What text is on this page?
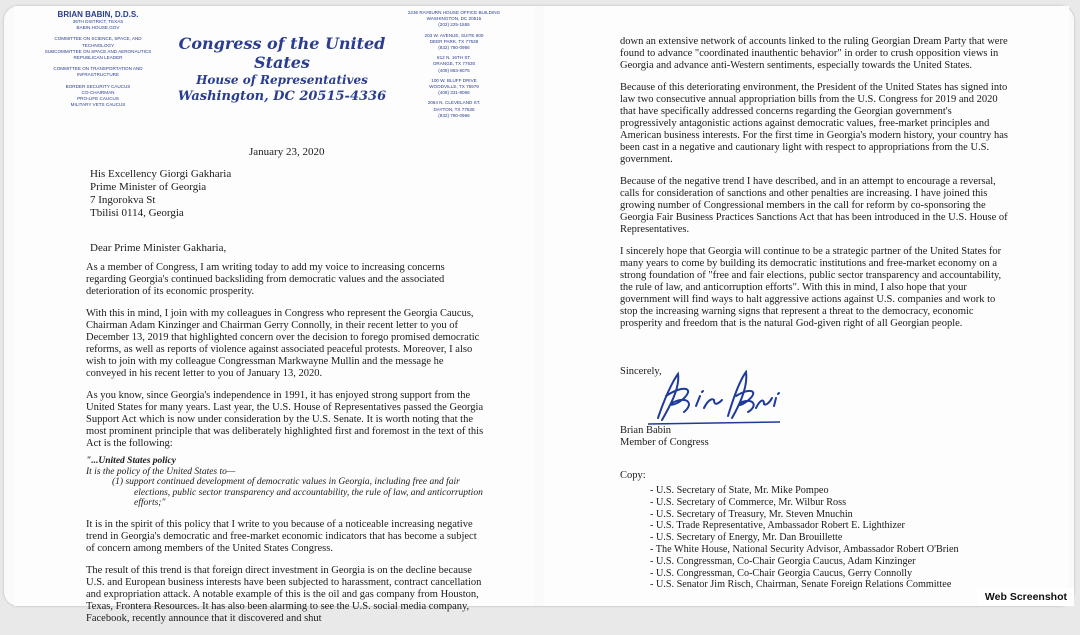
BRIAN BABIN, D.D.S.
36TH DISTRICT, TEXAS
BABIN.HOUSE.GOV
COMMITTEE ON SCIENCE, SPACE, AND TECHNOLOGY
SUBCOMMITTEE ON SPACE AND AERONAUTICS
REPUBLICAN LEADER
COMMITTEE ON TRANSPORTATION AND INFRASTRUCTURE
BORDER SECURITY CAUCUS
CO-CHAIRMAN
PRO-LIFE CAUCUS
MILITARY VETS CAUCUS
Congress of the United States
House of Representatives
Washington, DC 20515-4336
2236 RAYBURN HOUSE OFFICE BUILDING
WASHINGTON, DC 20515
(202) 225-1555
203 W. AVENUE, SUITE 600
DEER PARK, TX 77536
(832) 780-0966
812 N. 16TH ST.
ORANGE, TX 77630
(409) 883-8075
100 W. BLUFF DRIVE
WOODVILLE, TX 75979
(409) 331-8066
2064 N. CLEVELAND ST.
DAYTON, TX 77535
(832) 780-0966
January 23, 2020
His Excellency Giorgi Gakharia
Prime Minister of Georgia
7 Ingorokva St
Tbilisi 0114, Georgia
Dear Prime Minister Gakharia,

As a member of Congress, I am writing today to add my voice to increasing concerns regarding Georgia's continued backsliding from democratic values and the associated deterioration of its economic prosperity.

With this in mind, I join with my colleagues in Congress who represent the Georgia Caucus, Chairman Adam Kinzinger and Chairman Gerry Connolly, in their recent letter to you of December 13, 2019 that highlighted concern over the decision to forego promised democratic reforms, as well as reports of violence against associated peaceful protests. Moreover, I also wish to join with my colleague Congressman Markwayne Mullin and the message he conveyed in his recent letter to you of January 13, 2020.

As you know, since Georgia's independence in 1991, it has enjoyed strong support from the United States for many years. Last year, the U.S. House of Representatives passed the Georgia Support Act which is now under consideration by the U.S. Senate. It is worth noting that the most prominent principle that was deliberately highlighted first and foremost in the text of this Act is the following:

"...United States policy
It is the policy of the United States to—
(1) support continued development of democratic values in Georgia, including free and fair elections, public sector transparency and accountability, the rule of law, and anticorruption efforts;"

It is in the spirit of this policy that I write to you because of a noticeable increasing negative trend in Georgia's democratic and free-market economic indicators that has become a subject of concern among members of the United States Congress.

The result of this trend is that foreign direct investment in Georgia is on the decline because U.S. and European business interests have been subjected to harassment, contract cancellation and expropriation attack. A notable example of this is the oil and gas company from Houston, Texas, Frontera Resources. It has also been alarming to see the U.S. social media company, Facebook, recently announce that it discovered and shut

down an extensive network of accounts linked to the ruling Georgian Dream Party that were found to advance "coordinated inauthentic behavior" in order to crush opposition views in Georgia and advance anti-Western sentiments, especially towards the United States.

Because of this deteriorating environment, the President of the United States has signed into law two consecutive annual appropriation bills from the U.S. Congress for 2019 and 2020 that have specifically addressed concerns regarding the Georgian government's progressively antagonistic actions against democratic values, free-market principles and American business interests. For the first time in Georgia's modern history, your country has been cast in a negative and cautionary light with respect to appropriations from the U.S. government.

Because of the negative trend I have described, and in an attempt to encourage a reversal, calls for consideration of sanctions and other penalties are increasing. I have joined this growing number of Congressional members in the call for reform by co-sponsoring the Georgia Fair Business Practices Sanctions Act that has been introduced in the U.S. House of Representatives.

I sincerely hope that Georgia will continue to be a strategic partner of the United States for many years to come by building its democratic institutions and free-market economy on a strong foundation of "free and fair elections, public sector transparency and accountability, the rule of law, and anticorruption efforts". With this in mind, I also hope that your government will find ways to halt aggressive actions against U.S. companies and work to stop the increasing warning signs that represent a threat to the democracy, economic prosperity and freedom that is the natural God-given right of all Georgian people.

Sincerely,
Brian Babin
Member of Congress
Copy:
- U.S. Secretary of State, Mr. Mike Pompeo
- U.S. Secretary of Commerce, Mr. Wilbur Ross
- U.S. Secretary of Treasury, Mr. Steven Mnuchin
- U.S. Trade Representative, Ambassador Robert E. Lighthizer
- U.S. Secretary of Energy, Mr. Dan Brouillette
- The White House, National Security Advisor, Ambassador Robert O'Brien
- U.S. Congressman, Co-Chair Georgia Caucus, Adam Kinzinger
- U.S. Congressman, Co-Chair Georgia Caucus, Gerry Connolly
- U.S. Senator Jim Risch, Chairman, Senate Foreign Relations Committee
Web Screenshot
